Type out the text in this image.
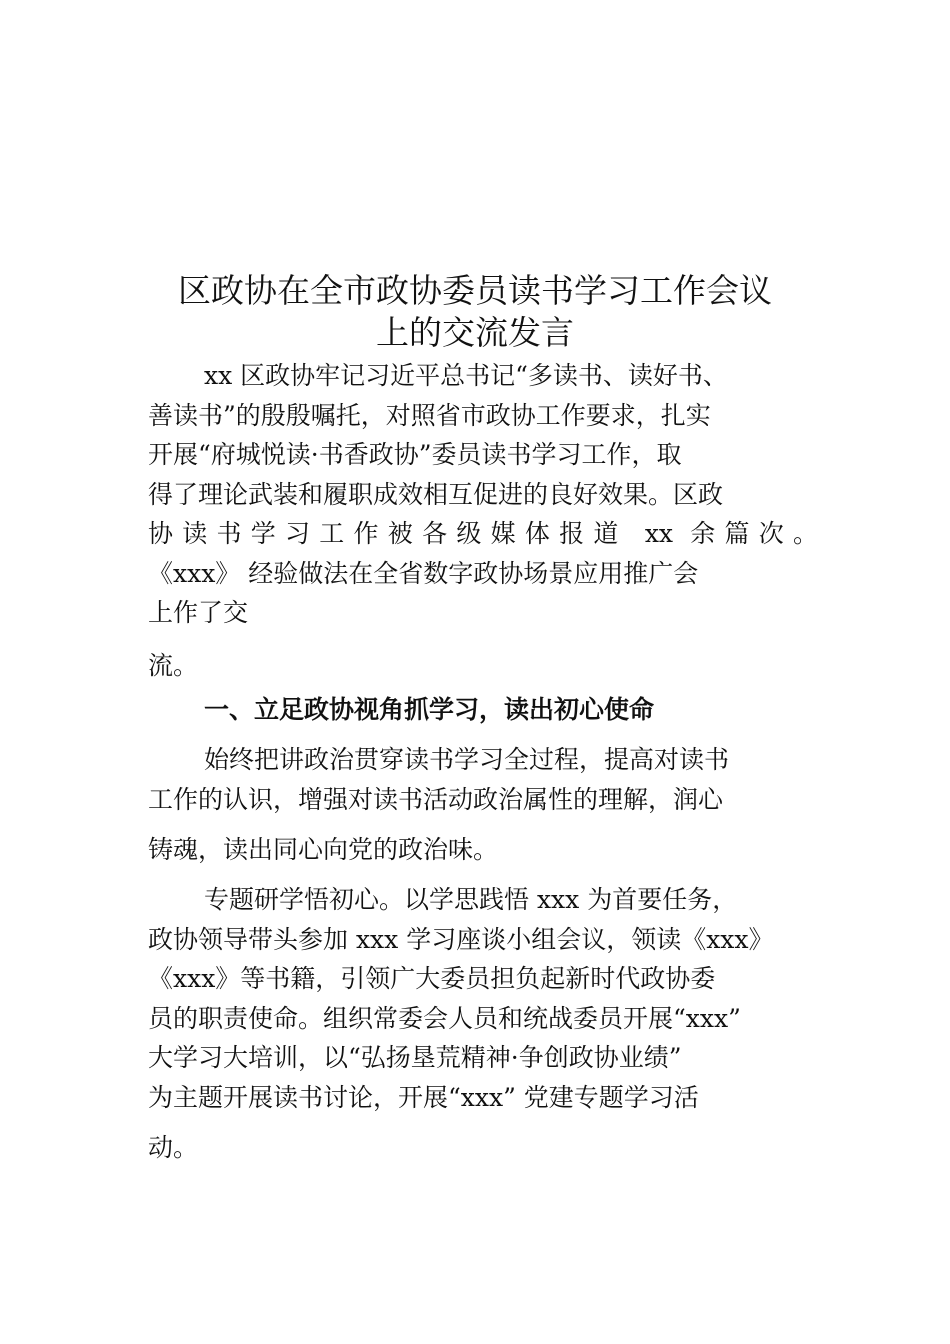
区政协在全市政协委员读书学习工作会议
上的交流发言
xx 区政协牢记习近平总书记“多读书、读好书、
善读书”的殷殷嘱托，对照省市政协工作要求，扎实
开展“府城悦读·书香政协”委员读书学习工作，取
得了理论武装和履职成效相互促进的良好效果。区政
协读书学习工作被各级媒体报道 xx 余篇次。
《xxx》 经验做法在全省数字政协场景应用推广会
上作了交
流。
一、立足政协视角抓学习，读出初心使命
始终把讲政治贯穿读书学习全过程，提高对读书
工作的认识，增强对读书活动政治属性的理解，润心
铸魂，读出同心向党的政治味。
专题研学悟初心。以学思践悟 xxx 为首要任务，
政协领导带头参加 xxx 学习座谈小组会议，领读《xxx》
《xxx》等书籍，引领广大委员担负起新时代政协委
员的职责使命。组织常委会人员和统战委员开展“xxx”
大学习大培训，以“弘扬垦荒精神·争创政协业绩”
为主题开展读书讨论，开展“xxx” 党建专题学习活
动。
